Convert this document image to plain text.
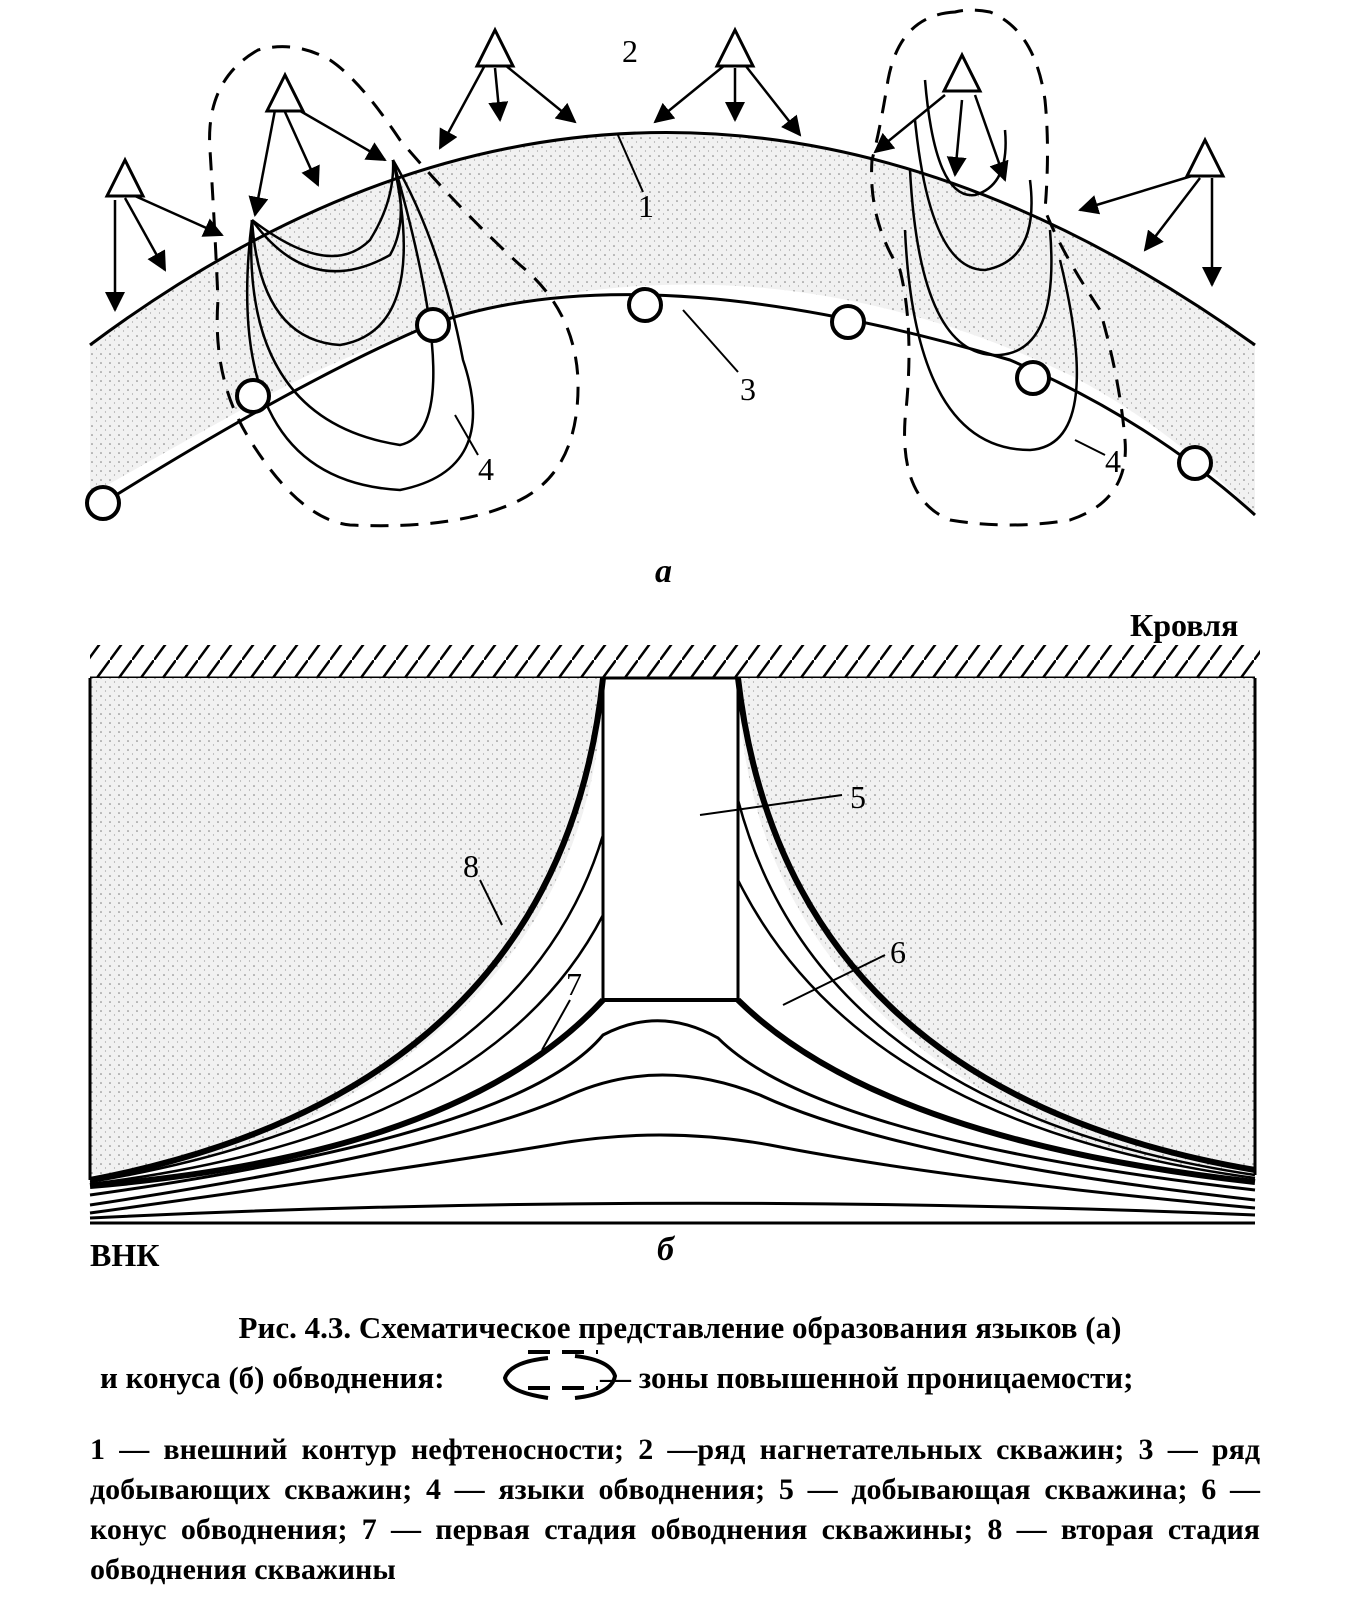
2
1
3
4	4
а
Кровля
5
6
7
8
ВНК	б
Рис. 4.3. Схематическое представление образования языков (а)
и конуса (б) обводнения:	— зоны повышенной проницаемости;
1 — внешний контур нефтеносности; 2 —ряд нагнетательных скважин; 3 — ряд добывающих скважин; 4 — языки обводнения; 5 — добывающая скважина; 6 — конус обводнения; 7 — первая стадия обводнения скважины; 8 — вторая стадия обводнения скважины
